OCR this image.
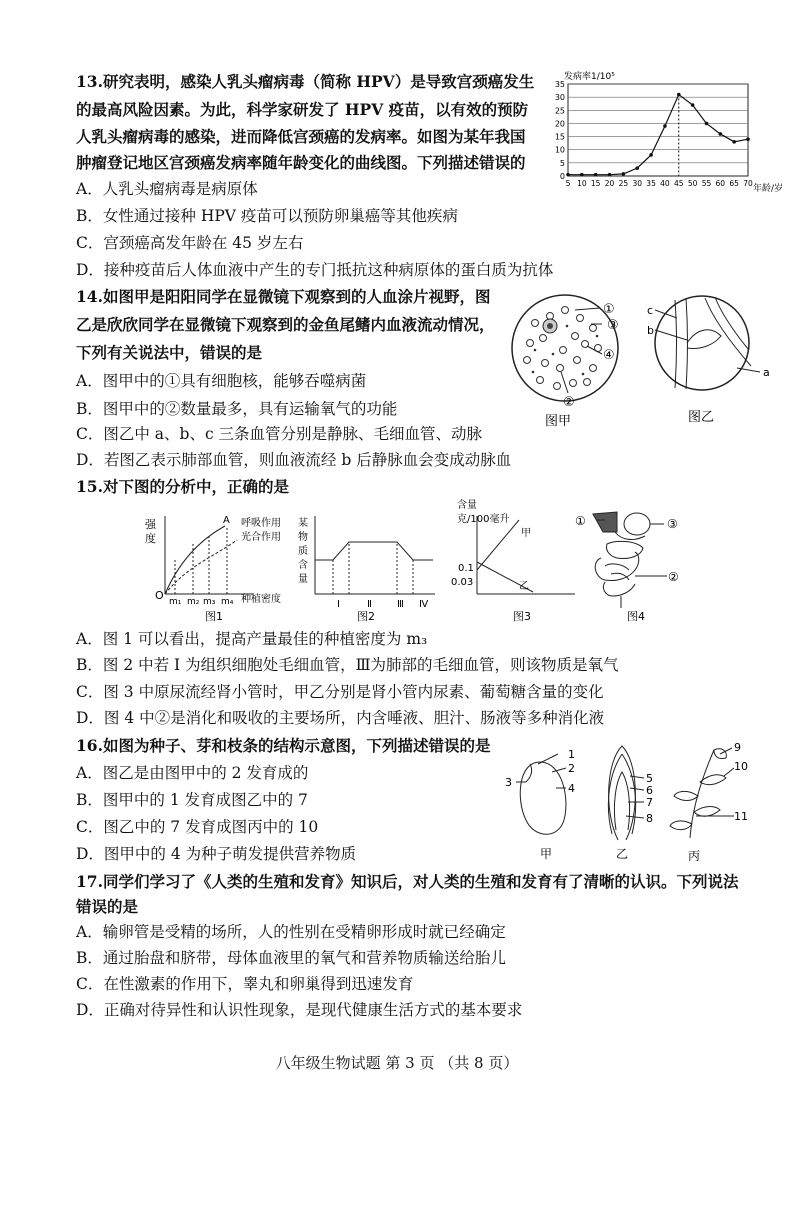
13.研究表明，感染人乳头瘤病毒（简称 HPV）是导致宫颈癌发生
的最高风险因素。为此，科学家研发了 HPV 疫苗，以有效的预防
人乳头瘤病毒的感染，进而降低宫颈癌的发病率。如图为某年我国
肿瘤登记地区宫颈癌发病率随年龄变化的曲线图。下列描述错误的
A．人乳头瘤病毒是病原体
B．女性通过接种 HPV 疫苗可以预防卵巢癌等其他疾病
C．宫颈癌高发年龄在 45 岁左右
D．接种疫苗后人体血液中产生的专门抵抗这种病原体的蛋白质为抗体
发病率1/10⁵
0
5
10
15
20
25
30
35
5 10 15 20 25 30 35 40 45 50 55 60 65 70
年龄/岁
14.如图甲是阳阳同学在显微镜下观察到的人血涂片视野，图
乙是欣欣同学在显微镜下观察到的金鱼尾鳍内血液流动情况，
下列有关说法中，错误的是
A．图甲中的①具有细胞核，能够吞噬病菌
B．图甲中的②数量最多，具有运输氧气的功能
C．图乙中 a、b、c 三条血管分别是静脉、毛细血管、动脉
D．若图乙表示肺部血管，则血液流经 b 后静脉血会变成动脉血
①
③
④
②
图甲
c
b
a
图乙
15.对下图的分析中，正确的是
强
度
O
A 呼吸作用
光合作用
m₁ m₂ m₃ m₄ 种植密度
图1
某
物
质
含
量
Ⅰ	Ⅱ	Ⅲ Ⅳ
图2
含量
克/100毫升
甲
乙
0.1
0.03
图3
①	③
②
图4
A．图 1 可以看出，提高产量最佳的种植密度为 m₃
B．图 2 中若 Ⅰ 为组织细胞处毛细血管，Ⅲ为肺部的毛细血管，则该物质是氧气
C．图 3 中原尿流经肾小管时，甲乙分别是肾小管内尿素、葡萄糖含量的变化
D．图 4 中②是消化和吸收的主要场所，内含唾液、胆汁、肠液等多种消化液
16.如图为种子、芽和枝条的结构示意图，下列描述错误的是
A．图乙是由图甲中的 2 发育成的
B．图甲中的 1 发育成图乙中的 7
C．图乙中的 7 发育成图丙中的 10
D．图甲中的 4 为种子萌发提供营养物质
1
2
3	4
甲
5
6
7
8
乙
9
10
11
丙
17.同学们学习了《人类的生殖和发育》知识后，对人类的生殖和发育有了清晰的认识。下列说法
错误的是
A．输卵管是受精的场所，人的性别在受精卵形成时就已经确定
B．通过胎盘和脐带，母体血液里的氧气和营养物质输送给胎儿
C．在性激素的作用下，睾丸和卵巢得到迅速发育
D．正确对待异性和认识性现象，是现代健康生活方式的基本要求
八年级生物试题 第 3 页 （共 8 页）
